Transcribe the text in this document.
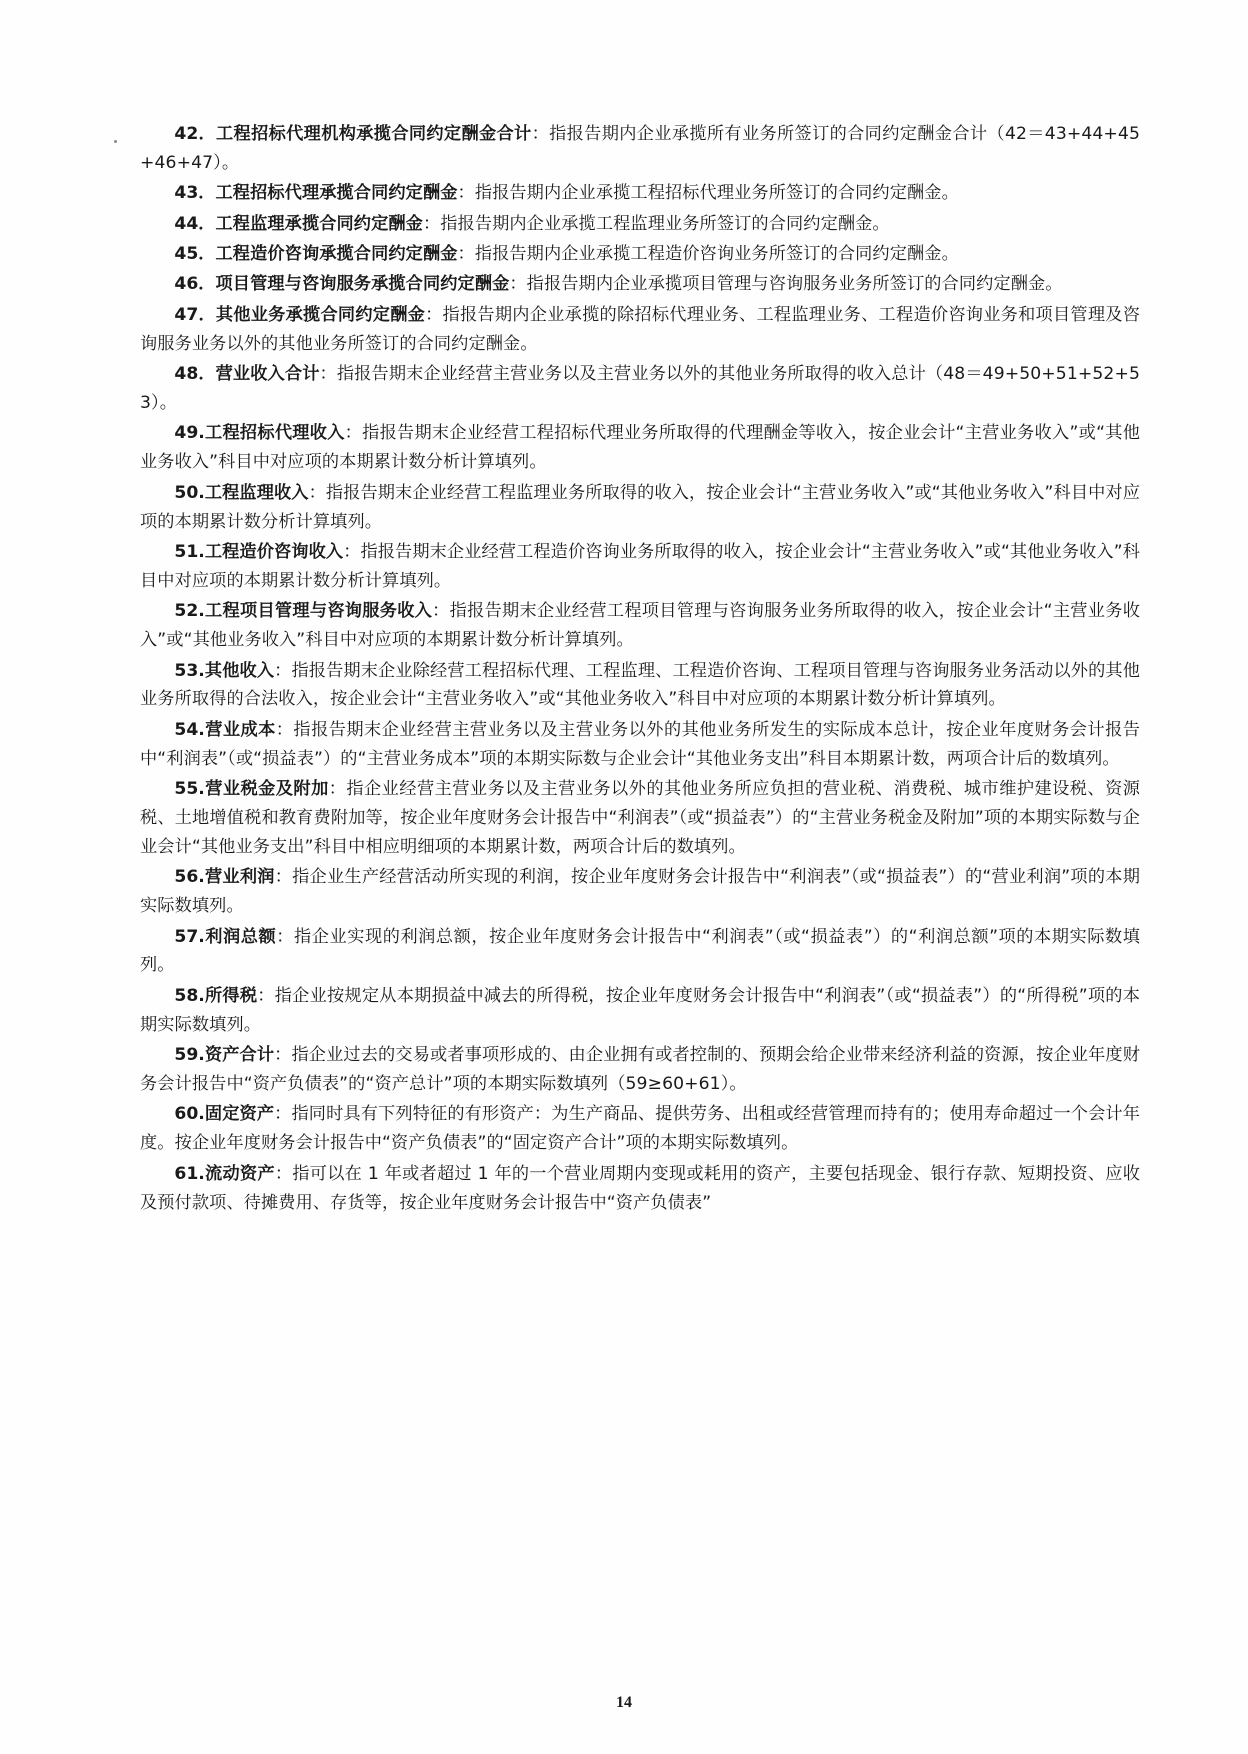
42．工程招标代理机构承揽合同约定酬金合计：指报告期内企业承揽所有业务所签订的合同约定酬金合计（42＝43+44+45+46+47）。

43．工程招标代理承揽合同约定酬金：指报告期内企业承揽工程招标代理业务所签订的合同约定酬金。

44．工程监理承揽合同约定酬金：指报告期内企业承揽工程监理业务所签订的合同约定酬金。

45．工程造价咨询承揽合同约定酬金：指报告期内企业承揽工程造价咨询业务所签订的合同约定酬金。

46．项目管理与咨询服务承揽合同约定酬金：指报告期内企业承揽项目管理与咨询服务业务所签订的合同约定酬金。

47．其他业务承揽合同约定酬金：指报告期内企业承揽的除招标代理业务、工程监理业务、工程造价咨询业务和项目管理及咨询服务业务以外的其他业务所签订的合同约定酬金。

48．营业收入合计：指报告期末企业经营主营业务以及主营业务以外的其他业务所取得的收入总计（48＝49+50+51+52+53）。

49.工程招标代理收入：指报告期末企业经营工程招标代理业务所取得的代理酬金等收入，按企业会计“主营业务收入”或“其他业务收入”科目中对应项的本期累计数分析计算填列。

50.工程监理收入：指报告期末企业经营工程监理业务所取得的收入，按企业会计“主营业务收入”或“其他业务收入”科目中对应项的本期累计数分析计算填列。

51.工程造价咨询收入：指报告期末企业经营工程造价咨询业务所取得的收入，按企业会计“主营业务收入”或“其他业务收入”科目中对应项的本期累计数分析计算填列。

52.工程项目管理与咨询服务收入：指报告期末企业经营工程项目管理与咨询服务业务所取得的收入，按企业会计“主营业务收入”或“其他业务收入”科目中对应项的本期累计数分析计算填列。

53.其他收入：指报告期末企业除经营工程招标代理、工程监理、工程造价咨询、工程项目管理与咨询服务业务活动以外的其他业务所取得的合法收入，按企业会计“主营业务收入”或“其他业务收入”科目中对应项的本期累计数分析计算填列。

54.营业成本：指报告期末企业经营主营业务以及主营业务以外的其他业务所发生的实际成本总计，按企业年度财务会计报告中“利润表”（或“损益表”）的“主营业务成本”项的本期实际数与企业会计“其他业务支出”科目本期累计数，两项合计后的数填列。

55.营业税金及附加：指企业经营主营业务以及主营业务以外的其他业务所应负担的营业税、消费税、城市维护建设税、资源税、土地增值税和教育费附加等，按企业年度财务会计报告中“利润表”（或“损益表”）的“主营业务税金及附加”项的本期实际数与企业会计“其他业务支出”科目中相应明细项的本期累计数，两项合计后的数填列。

56.营业利润：指企业生产经营活动所实现的利润，按企业年度财务会计报告中“利润表”（或“损益表”）的“营业利润”项的本期实际数填列。

57.利润总额：指企业实现的利润总额，按企业年度财务会计报告中“利润表”（或“损益表”）的“利润总额”项的本期实际数填列。

58.所得税：指企业按规定从本期损益中减去的所得税，按企业年度财务会计报告中“利润表”（或“损益表”）的“所得税”项的本期实际数填列。

59.资产合计：指企业过去的交易或者事项形成的、由企业拥有或者控制的、预期会给企业带来经济利益的资源，按企业年度财务会计报告中“资产负债表”的“资产总计”项的本期实际数填列（59≥60+61）。

60.固定资产：指同时具有下列特征的有形资产：为生产商品、提供劳务、出租或经营管理而持有的；使用寿命超过一个会计年度。按企业年度财务会计报告中“资产负债表”的“固定资产合计”项的本期实际数填列。

61.流动资产：指可以在 1 年或者超过 1 年的一个营业周期内变现或耗用的资产，主要包括现金、银行存款、短期投资、应收及预付款项、待摊费用、存货等，按企业年度财务会计报告中“资产负债表”

14
